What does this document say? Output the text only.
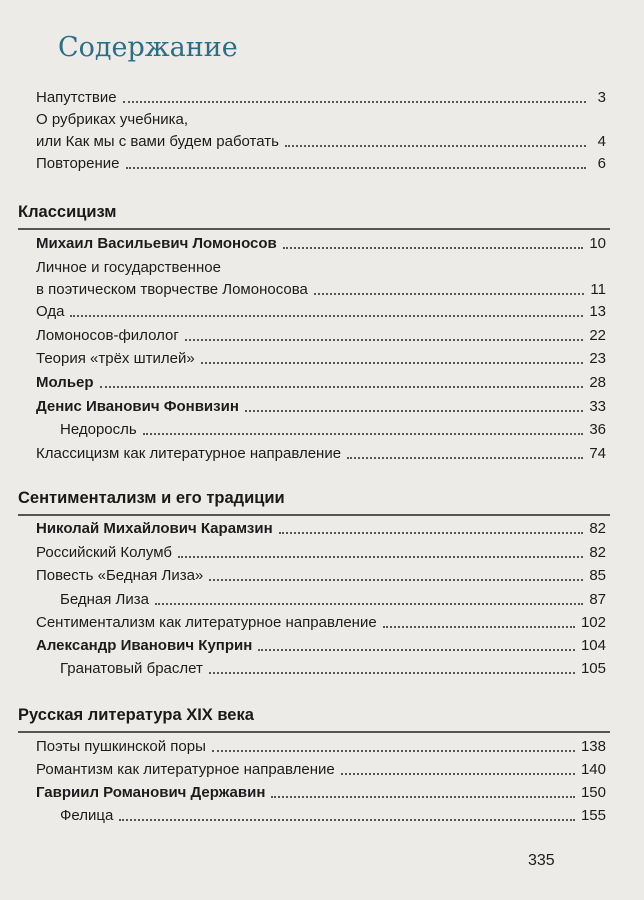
Содержание
Напутствие	3
О рубриках учебника,
или Как мы с вами будем работать	4
Повторение	6
Классицизм
Михаил Васильевич Ломоносов	10
Личное и государственное
в поэтическом творчестве Ломоносова	11
Ода	13
Ломоносов-филолог	22
Теория «трёх штилей»	23
Мольер	28
Денис Иванович Фонвизин	33
Недоросль	36
Классицизм как литературное направление	74
Сентиментализм и его традиции
Николай Михайлович Карамзин	82
Российский Колумб	82
Повесть «Бедная Лиза»	85
Бедная Лиза	87
Сентиментализм как литературное направление	102
Александр Иванович Куприн	104
Гранатовый браслет	105
Русская литература XIX века
Поэты пушкинской поры	138
Романтизм как литературное направление	140
Гавриил Романович Державин	150
Фелица	155
335
